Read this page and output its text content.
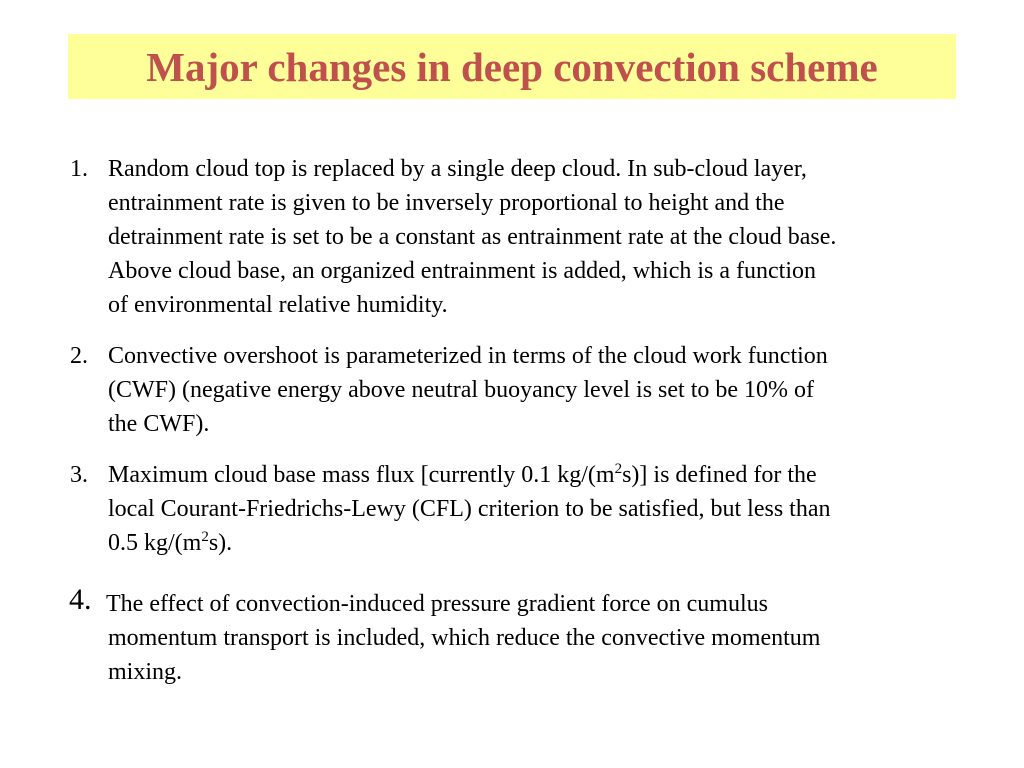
Major changes in deep convection scheme
1. Random cloud top is replaced by a single deep cloud. In sub-cloud layer,
entrainment rate is given to be inversely proportional to height and the
detrainment rate is set to be a constant as entrainment rate at the cloud base.
Above cloud base, an organized entrainment is added, which is a function
of environmental relative humidity.
2. Convective overshoot is parameterized in terms of the cloud work function
(CWF) (negative energy above neutral buoyancy level is set to be 10% of
the CWF).
3. Maximum cloud base mass flux [currently 0.1 $kg/(m^2s)$] is defined for the
local Courant-Friedrichs-Lewy (CFL) criterion to be satisfied, but less than
0.5 $kg/(m^2s)$.
4. The effect of convection-induced pressure gradient force on cumulus
momentum transport is included, which reduce the convective momentum
mixing.
